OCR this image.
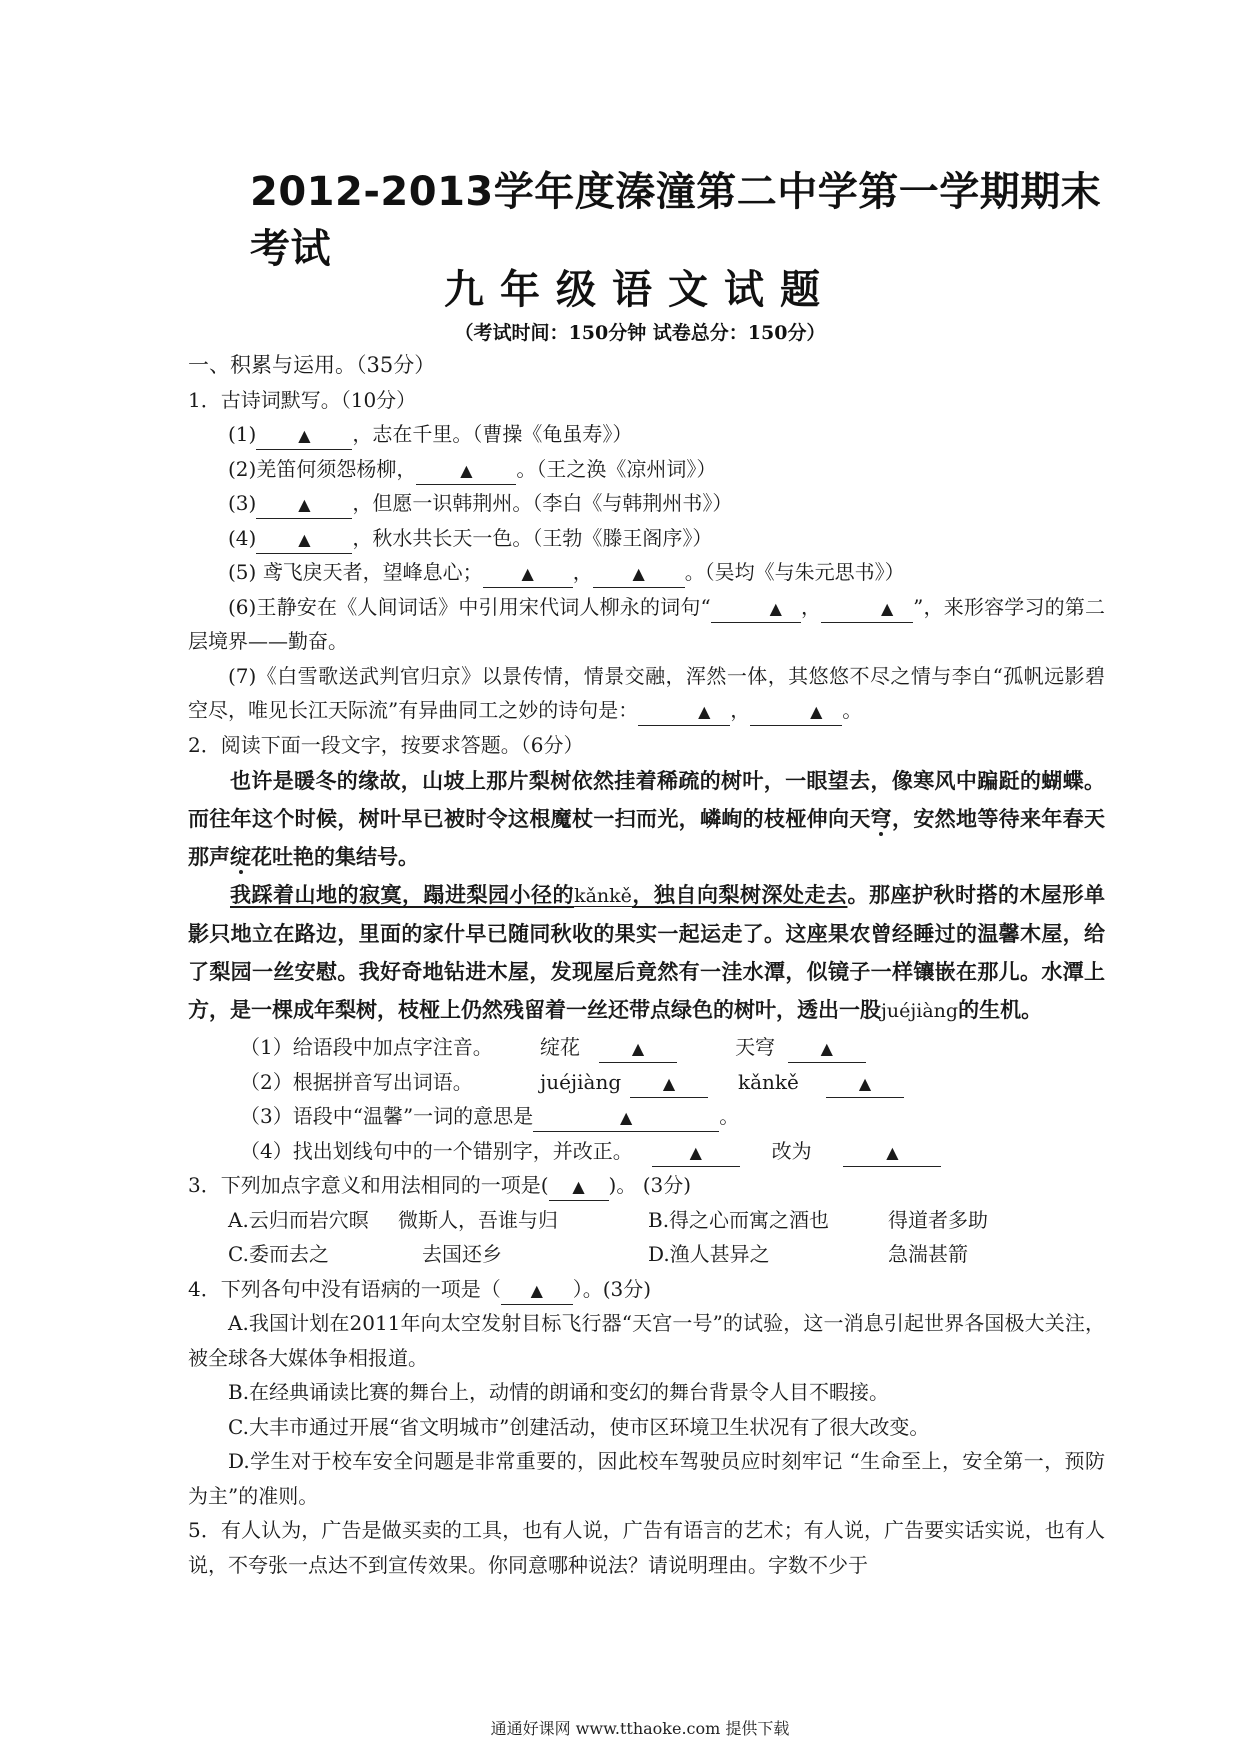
2012-2013学年度溱潼第二中学第一学期期末考试
九年级语文试题
（考试时间：150分钟 试卷总分：150分）
一、积累与运用。（35分）
1．古诗词默写。（10分）
(1)	▲ ，志在千里。（曹操《龟虽寿》）
(2)羌笛何须怨杨柳，	▲ 。（王之涣《凉州词》）
(3)	▲ ，但愿一识韩荆州。（李白《与韩荆州书》）
(4)	▲ ，秋水共长天一色。（王勃《滕王阁序》）
(5) 鸢飞戾天者，望峰息心； ▲ ， ▲ 。（吴均《与朱元思书》）

(6)王静安在《人间词话》中引用宋代词人柳永的词句“	▲ ，	▲ ”，来形容学习的第二层境界——勤奋。

(7)《白雪歌送武判官归京》以景传情，情景交融，浑然一体，其悠悠不尽之情与李白“孤帆远影碧空尽，唯见长江天际流”有异曲同工之妙的诗句是：	▲ ，	▲ 。

2．阅读下面一段文字，按要求答题。（6分）

也许是暖冬的缘故，山坡上那片梨树依然挂着稀疏的树叶，一眼望去，像寒风中蹁跹的蝴蝶。而往年这个时候，树叶早已被时令这根魔杖一扫而光，嶙峋的枝桠伸向天穹，安然地等待来年春天那声绽花吐艳的集结号。

我踩着山地的寂寞，蹋进梨园小径的kǎnkě，独自向梨树深处走去。那座护秋时搭的木屋形单影只地立在路边，里面的家什早已随同秋收的果实一起运走了。这座果农曾经睡过的温馨木屋，给了梨园一丝安慰。我好奇地钻进木屋，发现屋后竟然有一洼水潭，似镜子一样镶嵌在那儿。水潭上方，是一棵成年梨树，枝桠上仍然残留着一丝还带点绿色的树叶，透出一股juéjiàng的生机。

（1）给语段中加点字注音。 绽花	▲	天穹	▲
（2）根据拼音写出词语。	juéjiàng	▲	kǎnkě	▲
（3）语段中“温馨”一词的意思是	▲	。
（4）找出划线句中的一个错别字，并改正。	▲	改为	▲
3．下列加点字意义和用法相同的一项是( ▲ )。 (3分)
A.云归而岩穴暝 微斯人，吾谁与归	B.得之心而寓之酒也	得道者多助
C.委而去之	去国还乡	D.渔人甚异之	急湍甚箭
4．下列各句中没有语病的一项是（ ▲ ）。(3分)

A.我国计划在2011年向太空发射目标飞行器“天宫一号”的试验，这一消息引起世界各国极大关注，被全球各大媒体争相报道。

B.在经典诵读比赛的舞台上，动情的朗诵和变幻的舞台背景令人目不暇接。

C.大丰市通过开展“省文明城市”创建活动，使市区环境卫生状况有了很大改变。

D.学生对于校车安全问题是非常重要的，因此校车驾驶员应时刻牢记 “生命至上，安全第一，预防为主”的准则。

5．有人认为，广告是做买卖的工具，也有人说，广告有语言的艺术；有人说，广告要实话实说，也有人说，不夸张一点达不到宣传效果。你同意哪种说法？请说明理由。字数不少于

通通好课网 www.tthaoke.com 提供下载
